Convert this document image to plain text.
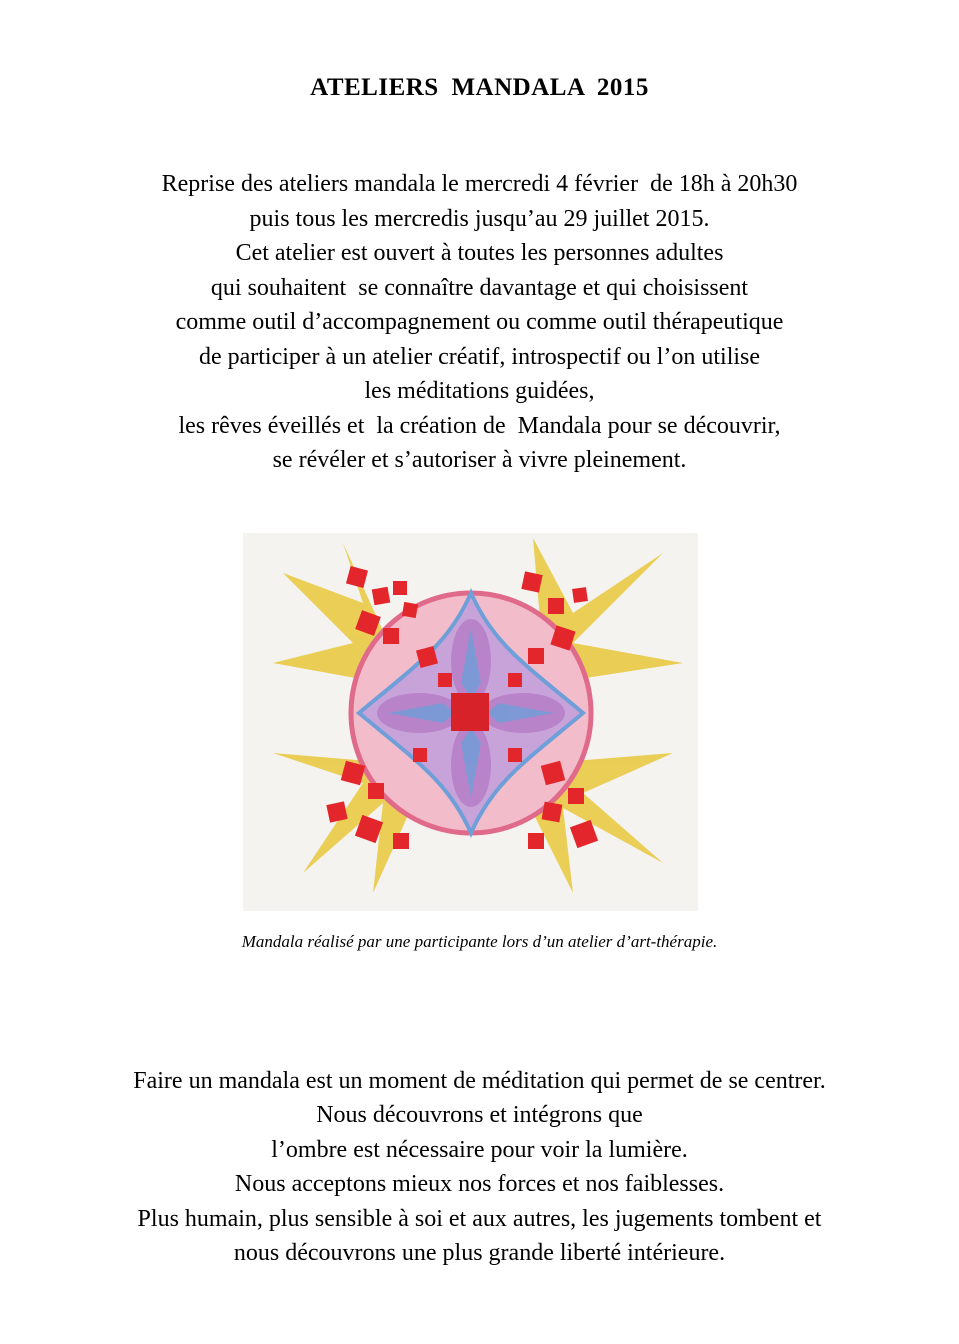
ATELIERS MANDALA 2015
Reprise des ateliers mandala le mercredi 4 février  de 18h à 20h30
puis tous les mercredis jusqu’au 29 juillet 2015.
Cet atelier est ouvert à toutes les personnes adultes
qui souhaitent  se connaître davantage et qui choisissent
comme outil d’accompagnement ou comme outil thérapeutique
de participer à un atelier créatif, introspectif ou l’on utilise
les méditations guidées,
les rêves éveillés et  la création de  Mandala pour se découvrir,
se révéler et s’autoriser à vivre pleinement.
Mandala réalisé par une participante lors d’un atelier d’art-thérapie.
Faire un mandala est un moment de méditation qui permet de se centrer.
Nous découvrons et intégrons que
l’ombre est nécessaire pour voir la lumière.
Nous acceptons mieux nos forces et nos faiblesses.
Plus humain, plus sensible à soi et aux autres, les jugements tombent et
nous découvrons une plus grande liberté intérieure.
